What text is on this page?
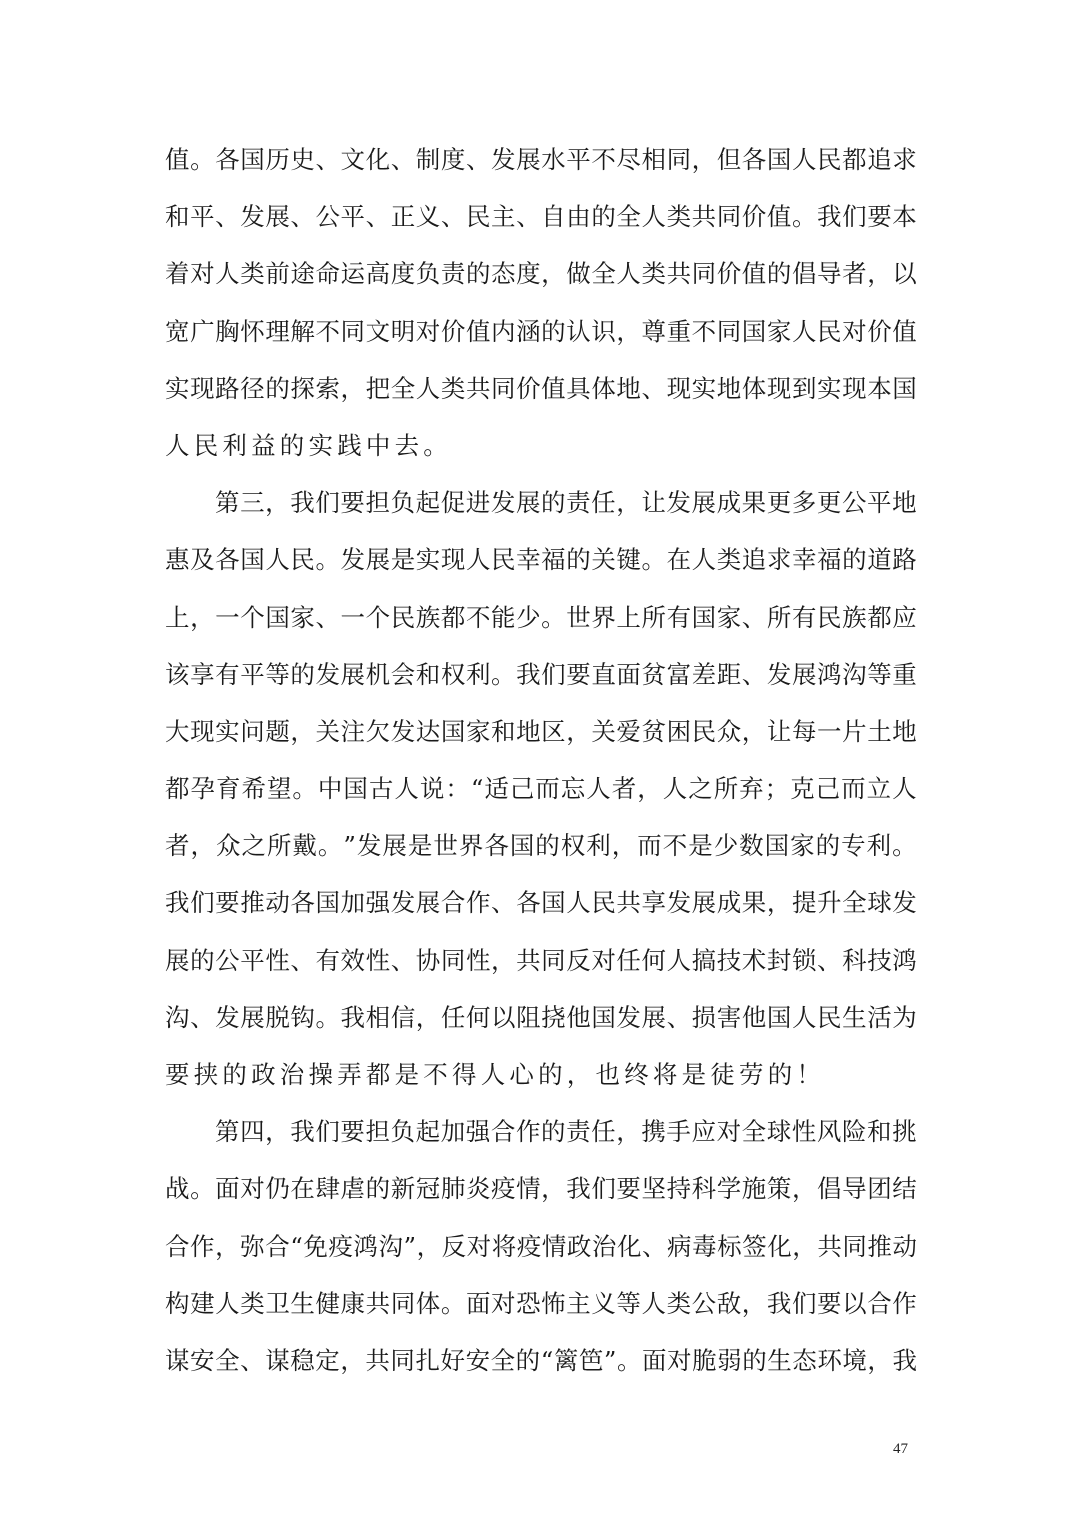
值 。 各 国 历 史 、 文 化 、 制 度 、 发 展 水 平 不 尽 相 同 ， 但 各 国 人 民 都 追 求
和 平 、 发 展 、 公 平 、 正 义 、 民 主 、 自 由 的 全 人 类 共 同 价 值 。 我 们 要 本
着 对 人 类 前 途 命 运 高 度 负 责 的 态 度 ， 做 全 人 类 共 同 价 值 的 倡 导 者 ， 以
宽 广 胸 怀 理 解 不 同 文 明 对 价 值 内 涵 的 认 识 ， 尊 重 不 同 国 家 人 民 对 价 值
实 现 路 径 的 探 索 ， 把 全 人 类 共 同 价 值 具 体 地 、 现 实 地 体 现 到 实 现 本 国
人民利益的实践中去。
第 三 ， 我 们 要 担 负 起 促 进 发 展 的 责 任 ， 让 发 展 成 果 更 多 更 公 平 地
惠 及 各 国 人 民 。 发 展 是 实 现 人 民 幸 福 的 关 键 。 在 人 类 追 求 幸 福 的 道 路
上 ， 一 个 国 家 、 一 个 民 族 都 不 能 少 。 世 界 上 所 有 国 家 、 所 有 民 族 都 应
该 享 有 平 等 的 发 展 机 会 和 权 利 。 我 们 要 直 面 贫 富 差 距 、 发 展 鸿 沟 等 重
大 现 实 问 题 ， 关 注 欠 发 达 国 家 和 地 区 ， 关 爱 贫 困 民 众 ， 让 每 一 片 土 地
都 孕 育 希 望 。 中 国 古 人 说 ： “ 适 己 而 忘 人 者 ， 人 之 所 弃 ； 克 己 而 立 人
者 ， 众 之 所 戴 。 ” 发 展 是 世 界 各 国 的 权 利 ， 而 不 是 少 数 国 家 的 专 利 。
我 们 要 推 动 各 国 加 强 发 展 合 作 、 各 国 人 民 共 享 发 展 成 果 ， 提 升 全 球 发
展 的 公 平 性 、 有 效 性 、 协 同 性 ， 共 同 反 对 任 何 人 搞 技 术 封 锁 、 科 技 鸿
沟 、 发 展 脱 钩 。 我 相 信 ， 任 何 以 阻 挠 他 国 发 展 、 损 害 他 国 人 民 生 活 为
要挟的政治操弄都是不得人心的，也终将是徒劳的！
第 四 ， 我 们 要 担 负 起 加 强 合 作 的 责 任 ， 携 手 应 对 全 球 性 风 险 和 挑
战 。 面 对 仍 在 肆 虐 的 新 冠 肺 炎 疫 情 ， 我 们 要 坚 持 科 学 施 策 ， 倡 导 团 结
合 作 ， 弥 合 “ 免 疫 鸿 沟 ” ， 反 对 将 疫 情 政 治 化 、 病 毒 标 签 化 ， 共 同 推 动
构 建 人 类 卫 生 健 康 共 同 体 。 面 对 恐 怖 主 义 等 人 类 公 敌 ， 我 们 要 以 合 作
谋 安 全 、 谋 稳 定 ， 共 同 扎 好 安 全 的 “ 篱 笆 ” 。 面 对 脆 弱 的 生 态 环 境 ， 我
47
